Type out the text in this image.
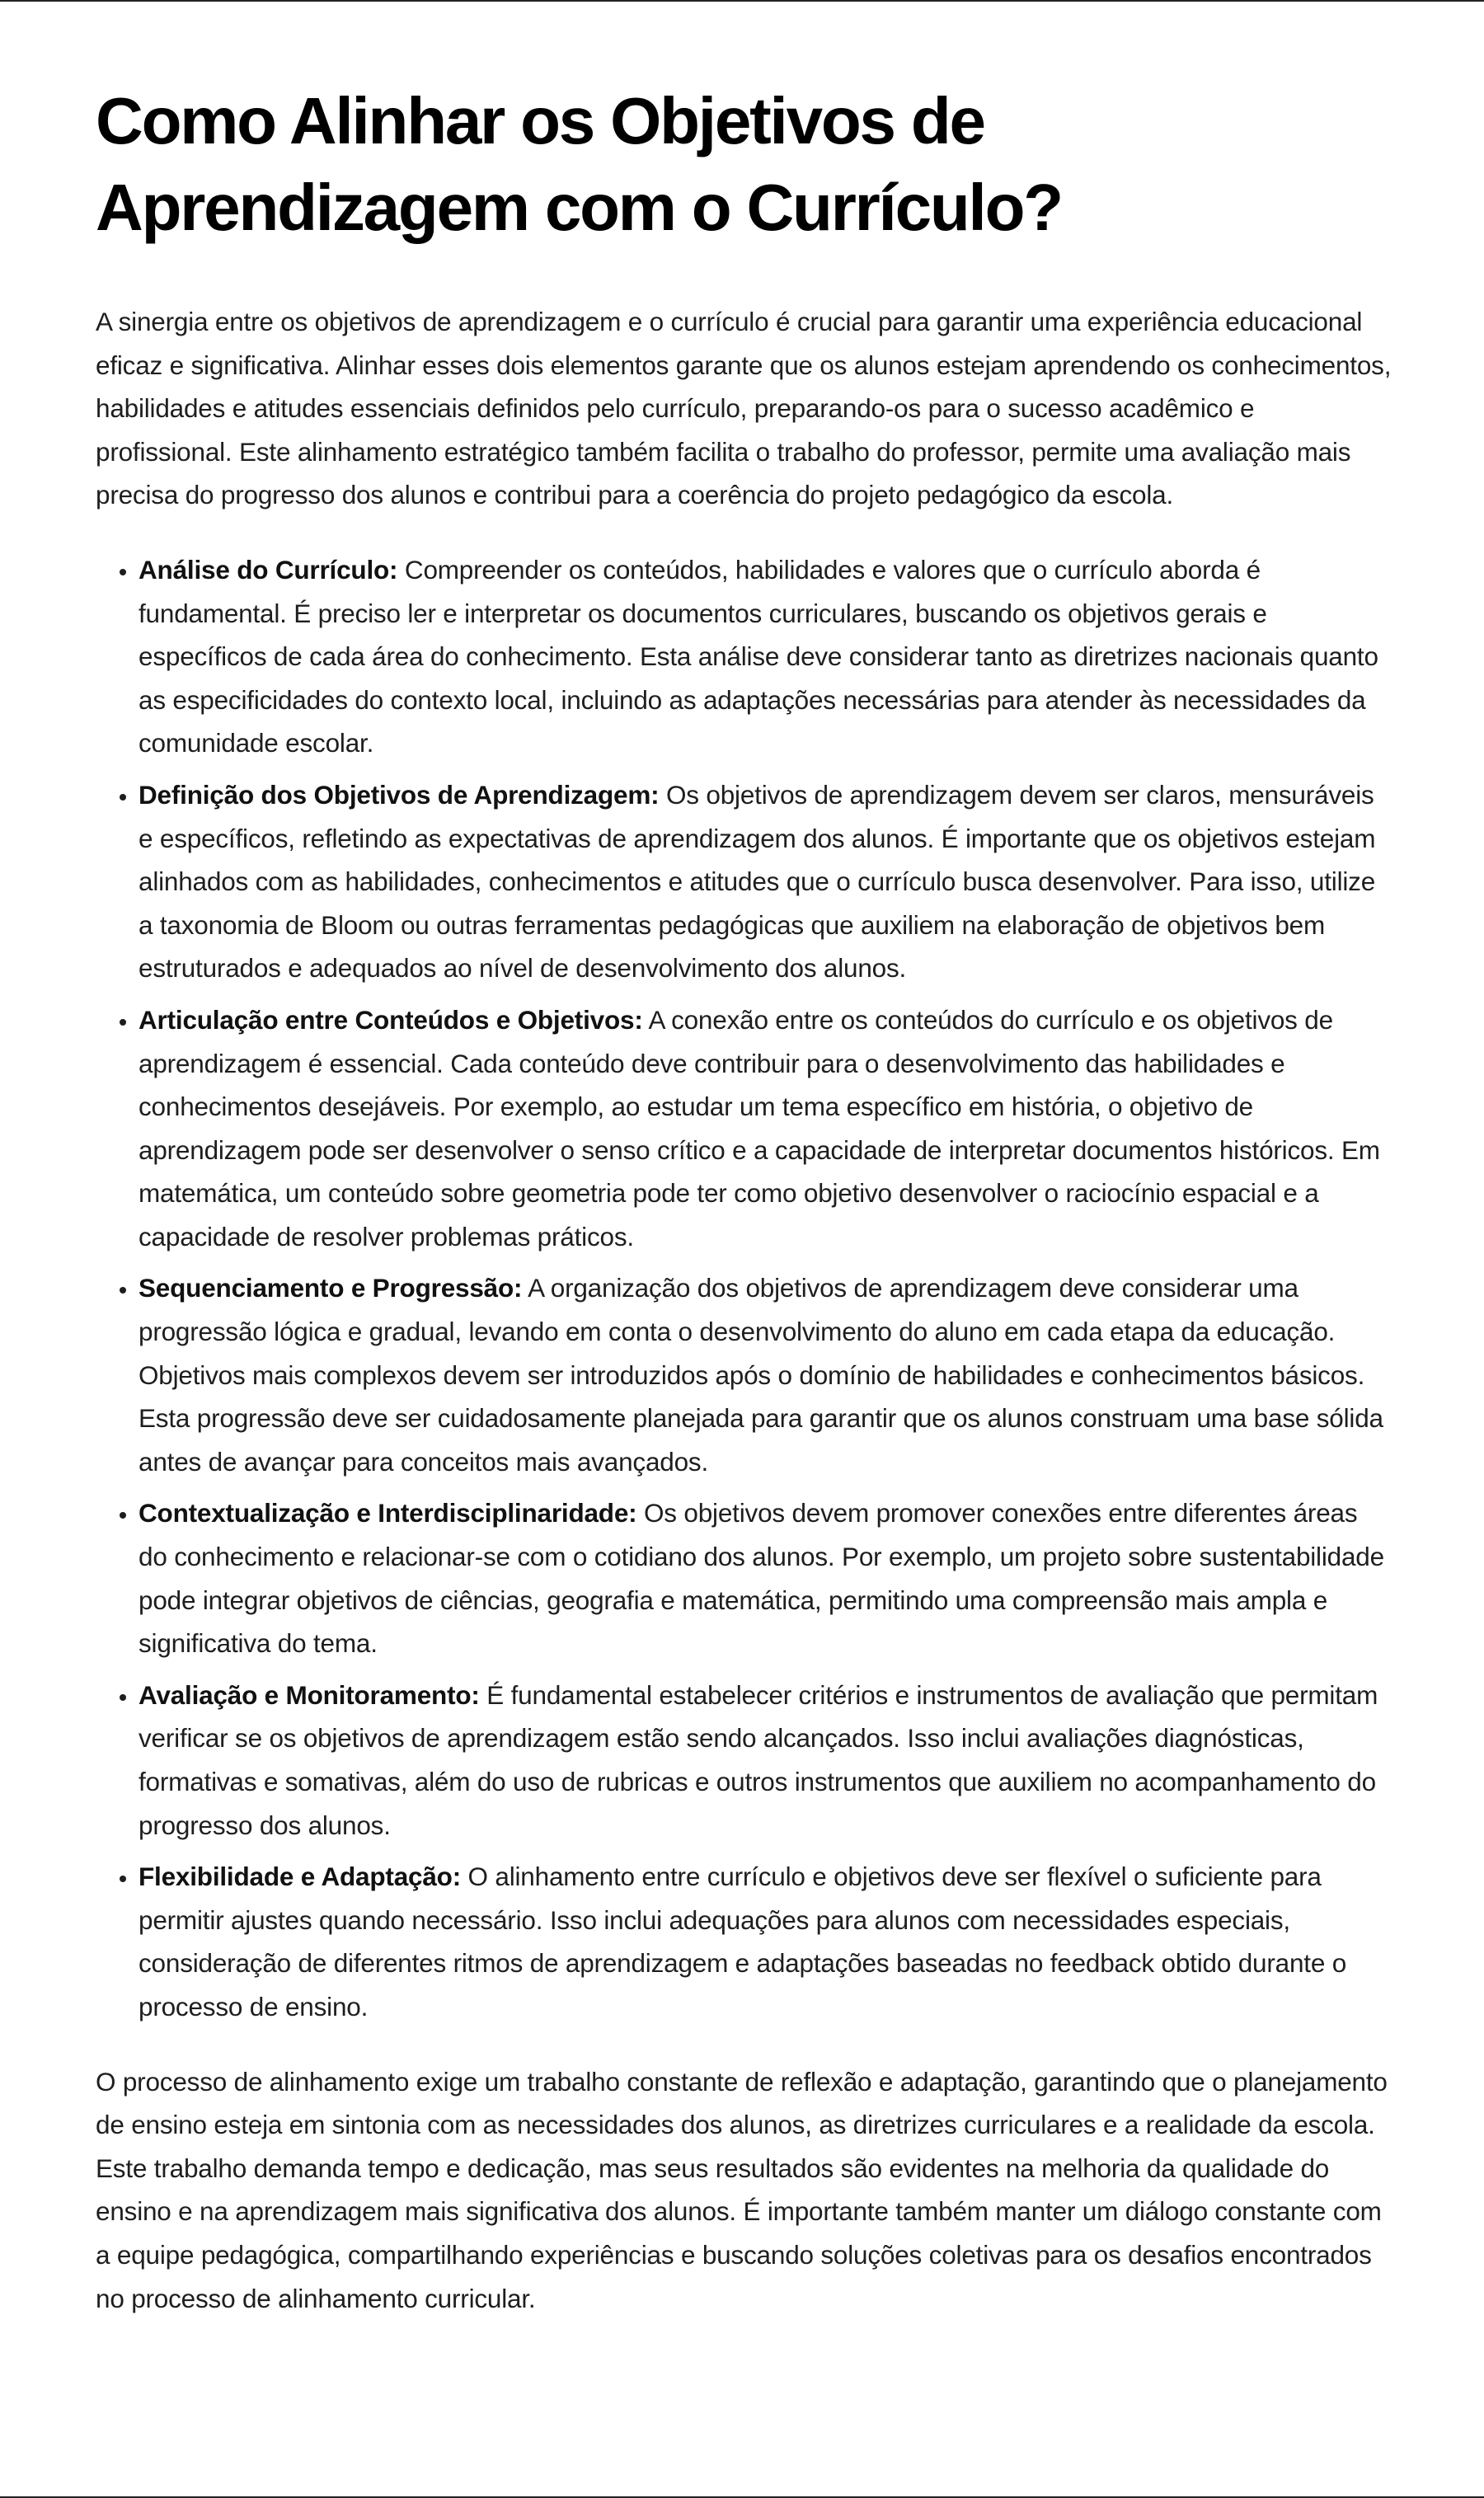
Como Alinhar os Objetivos de Aprendizagem com o Currículo?

A sinergia entre os objetivos de aprendizagem e o currículo é crucial para garantir uma experiência educacional eficaz e significativa. Alinhar esses dois elementos garante que os alunos estejam aprendendo os conhecimentos, habilidades e atitudes essenciais definidos pelo currículo, preparando-os para o sucesso acadêmico e profissional. Este alinhamento estratégico também facilita o trabalho do professor, permite uma avaliação mais precisa do progresso dos alunos e contribui para a coerência do projeto pedagógico da escola.

• Análise do Currículo: Compreender os conteúdos, habilidades e valores que o currículo aborda é fundamental. É preciso ler e interpretar os documentos curriculares, buscando os objetivos gerais e específicos de cada área do conhecimento. Esta análise deve considerar tanto as diretrizes nacionais quanto as especificidades do contexto local, incluindo as adaptações necessárias para atender às necessidades da comunidade escolar.
• Definição dos Objetivos de Aprendizagem: Os objetivos de aprendizagem devem ser claros, mensuráveis e específicos, refletindo as expectativas de aprendizagem dos alunos. É importante que os objetivos estejam alinhados com as habilidades, conhecimentos e atitudes que o currículo busca desenvolver. Para isso, utilize a taxonomia de Bloom ou outras ferramentas pedagógicas que auxiliem na elaboração de objetivos bem estruturados e adequados ao nível de desenvolvimento dos alunos.
• Articulação entre Conteúdos e Objetivos: A conexão entre os conteúdos do currículo e os objetivos de aprendizagem é essencial. Cada conteúdo deve contribuir para o desenvolvimento das habilidades e conhecimentos desejáveis. Por exemplo, ao estudar um tema específico em história, o objetivo de aprendizagem pode ser desenvolver o senso crítico e a capacidade de interpretar documentos históricos. Em matemática, um conteúdo sobre geometria pode ter como objetivo desenvolver o raciocínio espacial e a capacidade de resolver problemas práticos.
• Sequenciamento e Progressão: A organização dos objetivos de aprendizagem deve considerar uma progressão lógica e gradual, levando em conta o desenvolvimento do aluno em cada etapa da educação. Objetivos mais complexos devem ser introduzidos após o domínio de habilidades e conhecimentos básicos. Esta progressão deve ser cuidadosamente planejada para garantir que os alunos construam uma base sólida antes de avançar para conceitos mais avançados.
• Contextualização e Interdisciplinaridade: Os objetivos devem promover conexões entre diferentes áreas do conhecimento e relacionar-se com o cotidiano dos alunos. Por exemplo, um projeto sobre sustentabilidade pode integrar objetivos de ciências, geografia e matemática, permitindo uma compreensão mais ampla e significativa do tema.
• Avaliação e Monitoramento: É fundamental estabelecer critérios e instrumentos de avaliação que permitam verificar se os objetivos de aprendizagem estão sendo alcançados. Isso inclui avaliações diagnósticas, formativas e somativas, além do uso de rubricas e outros instrumentos que auxiliem no acompanhamento do progresso dos alunos.
• Flexibilidade e Adaptação: O alinhamento entre currículo e objetivos deve ser flexível o suficiente para permitir ajustes quando necessário. Isso inclui adequações para alunos com necessidades especiais, consideração de diferentes ritmos de aprendizagem e adaptações baseadas no feedback obtido durante o processo de ensino.

O processo de alinhamento exige um trabalho constante de reflexão e adaptação, garantindo que o planejamento de ensino esteja em sintonia com as necessidades dos alunos, as diretrizes curriculares e a realidade da escola. Este trabalho demanda tempo e dedicação, mas seus resultados são evidentes na melhoria da qualidade do ensino e na aprendizagem mais significativa dos alunos. É importante também manter um diálogo constante com a equipe pedagógica, compartilhando experiências e buscando soluções coletivas para os desafios encontrados no processo de alinhamento curricular.
